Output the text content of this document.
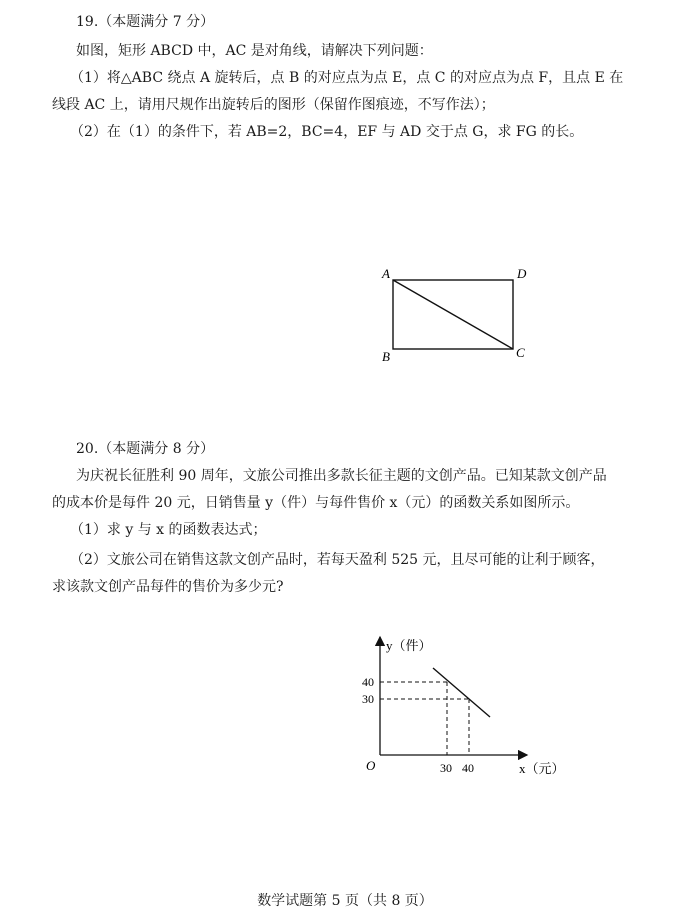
19.（本题满分 7 分）

如图，矩形 ABCD 中，AC 是对角线，请解决下列问题：

（1）将△ABC 绕点 A 旋转后，点 B 的对应点为点 E，点 C 的对应点为点 F，且点 E 在

线段 AC 上，请用尺规作出旋转后的图形（保留作图痕迹，不写作法）；

（2）在（1）的条件下，若 AB=2，BC=4，EF 与 AD 交于点 G，求 FG 的长。

A	D
B	C

20.（本题满分 8 分）

为庆祝长征胜利 90 周年，文旅公司推出多款长征主题的文创产品。已知某款文创产品

的成本价是每件 20 元，日销售量 y（件）与每件售价 x（元）的函数关系如图所示。

（1）求 y 与 x 的函数表达式；

（2）文旅公司在销售这款文创产品时，若每天盈利 525 元，且尽可能的让利于顾客，

求该款文创产品每件的售价为多少元?

y（件）
40
30
O	30 40	x（元）
数学试题第 5 页（共 8 页）
